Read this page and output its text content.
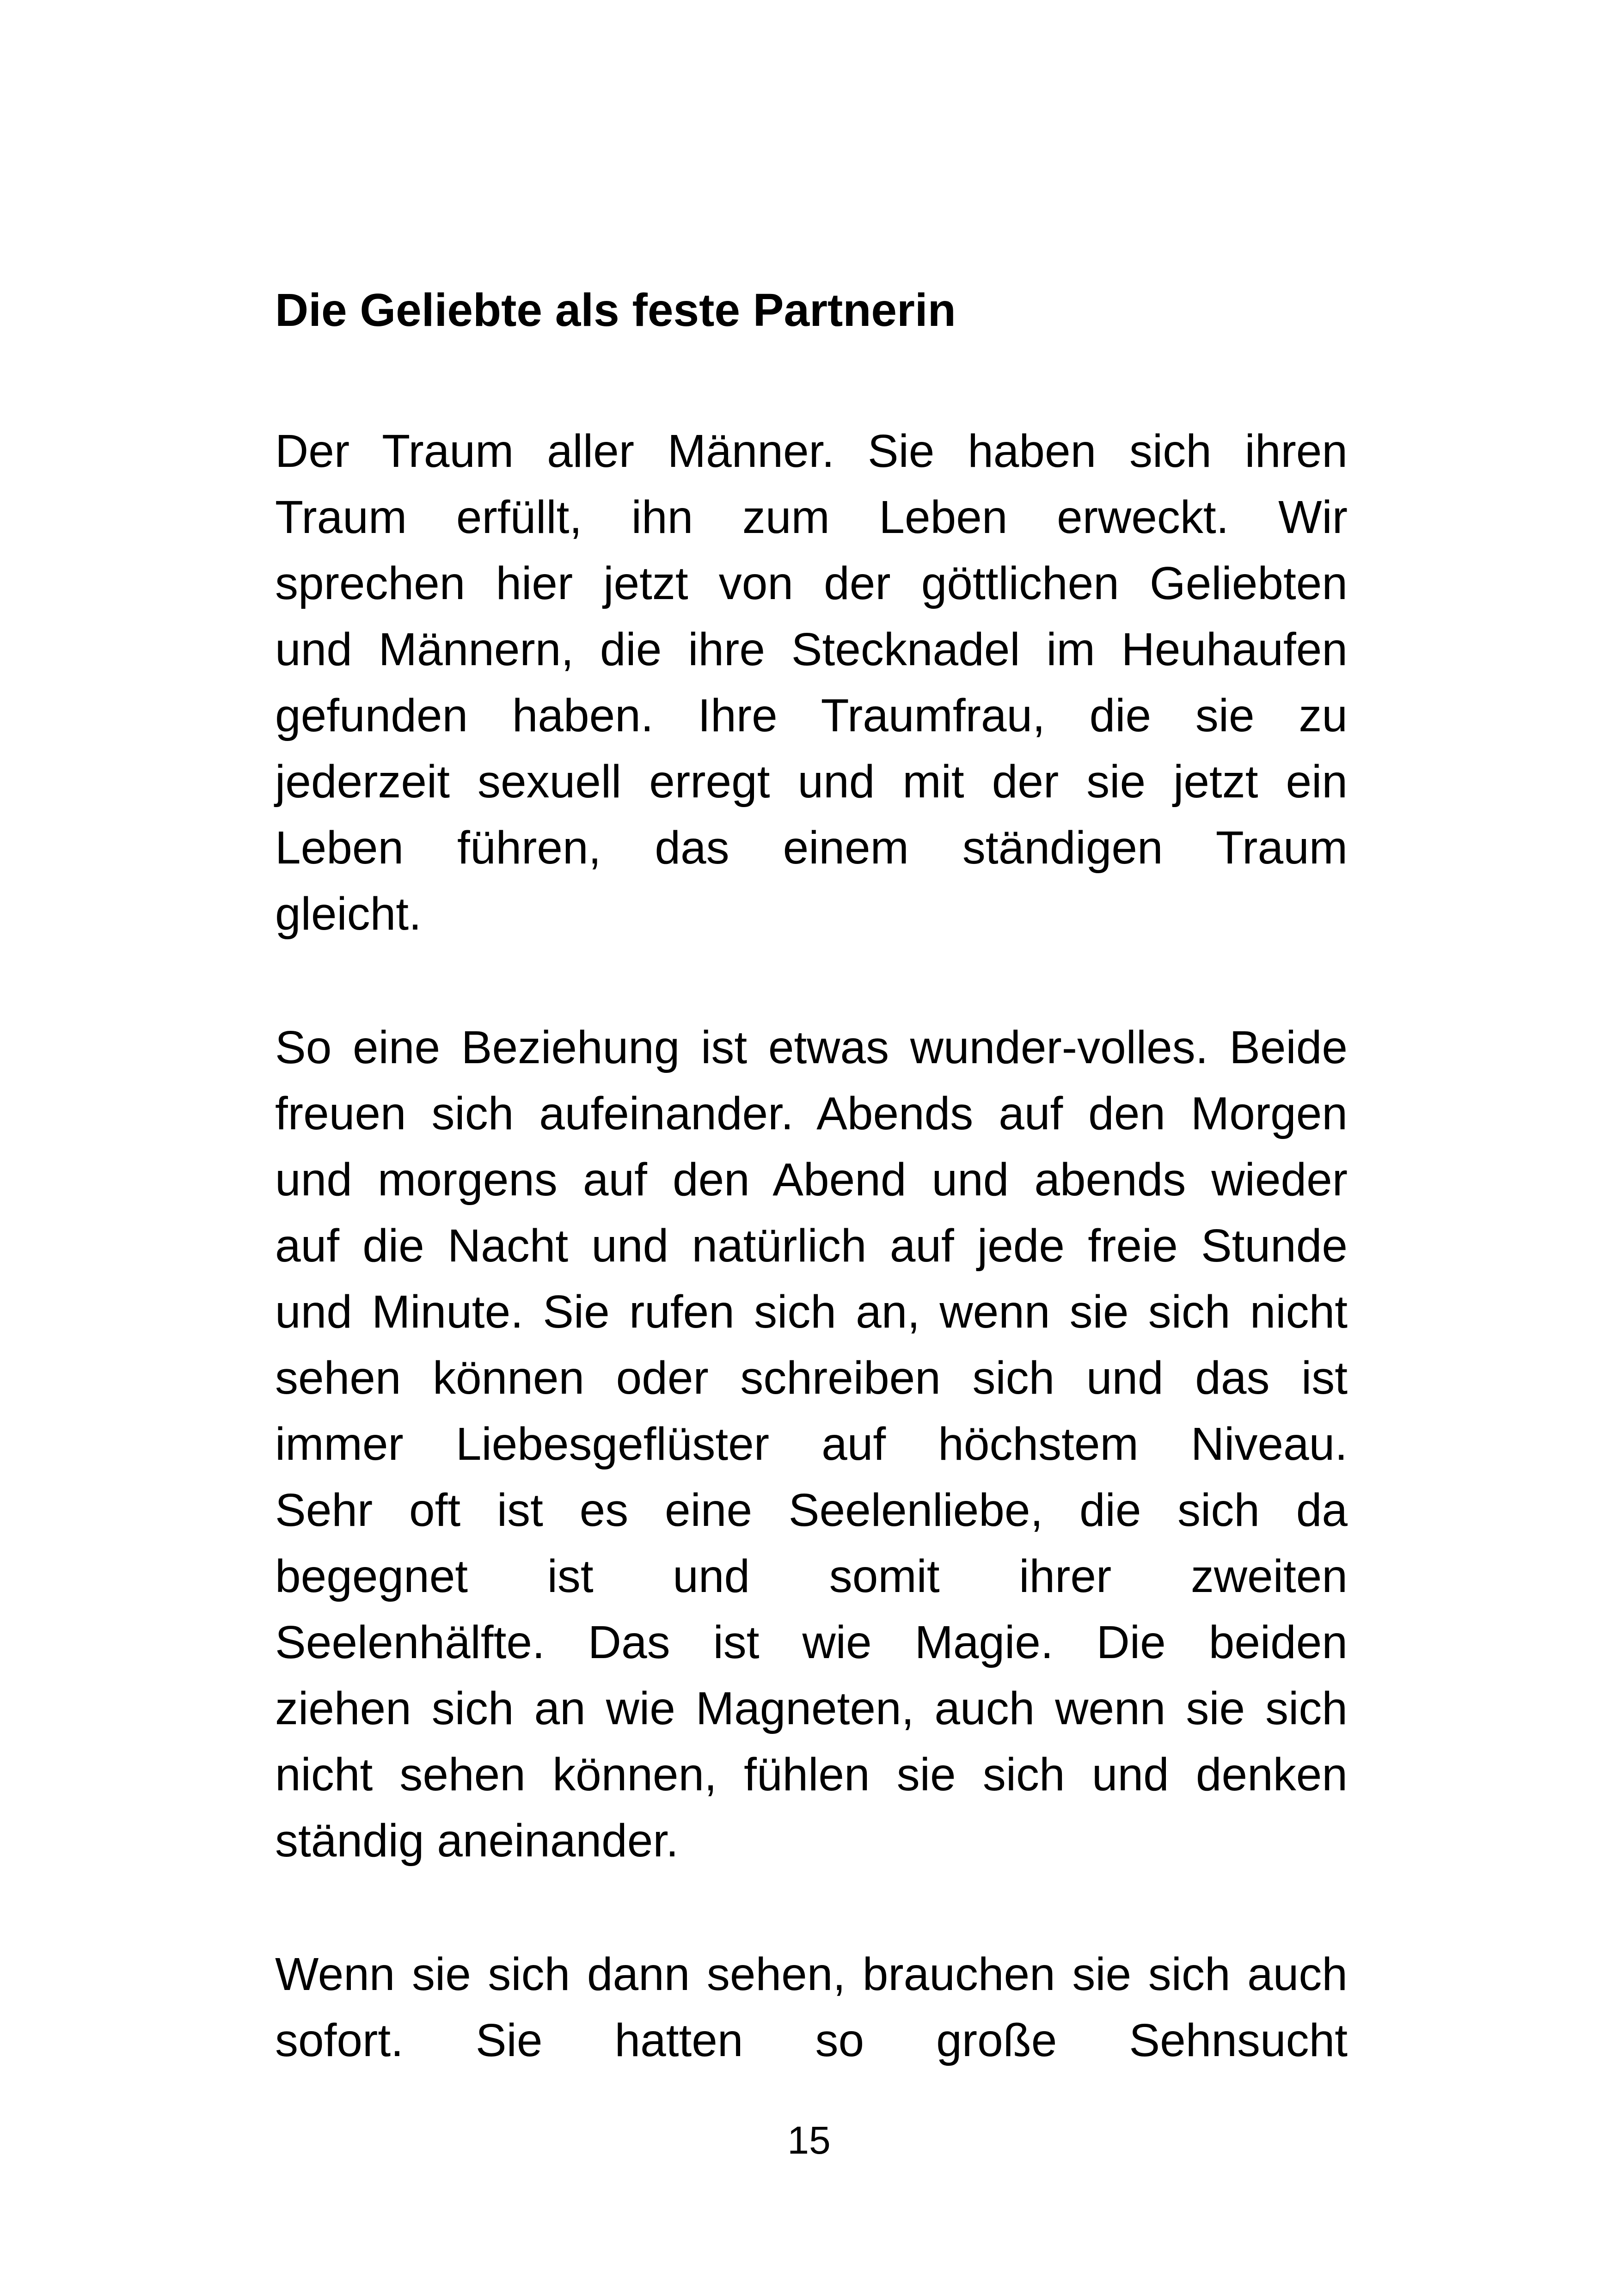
Die Geliebte als feste Partnerin
Der Traum aller Männer. Sie haben sich ihren
Traum erfüllt, ihn zum Leben erweckt. Wir
sprechen hier jetzt von der göttlichen Geliebten
und Männern, die ihre Stecknadel im Heuhaufen
gefunden haben. Ihre Traumfrau, die sie zu
jederzeit sexuell erregt und mit der sie jetzt ein
Leben führen, das einem ständigen Traum
gleicht.
So eine Beziehung ist etwas wunder-volles. Beide
freuen sich aufeinander. Abends auf den Morgen
und morgens auf den Abend und abends wieder
auf die Nacht und natürlich auf jede freie Stunde
und Minute. Sie rufen sich an, wenn sie sich nicht
sehen können oder schreiben sich und das ist
immer Liebesgeflüster auf höchstem Niveau.
Sehr oft ist es eine Seelenliebe, die sich da
begegnet ist und somit ihrer zweiten
Seelenhälfte. Das ist wie Magie. Die beiden
ziehen sich an wie Magneten, auch wenn sie sich
nicht sehen können, fühlen sie sich und denken
ständig aneinander.
Wenn sie sich dann sehen, brauchen sie sich auch
sofort. Sie hatten so große Sehnsucht
15
